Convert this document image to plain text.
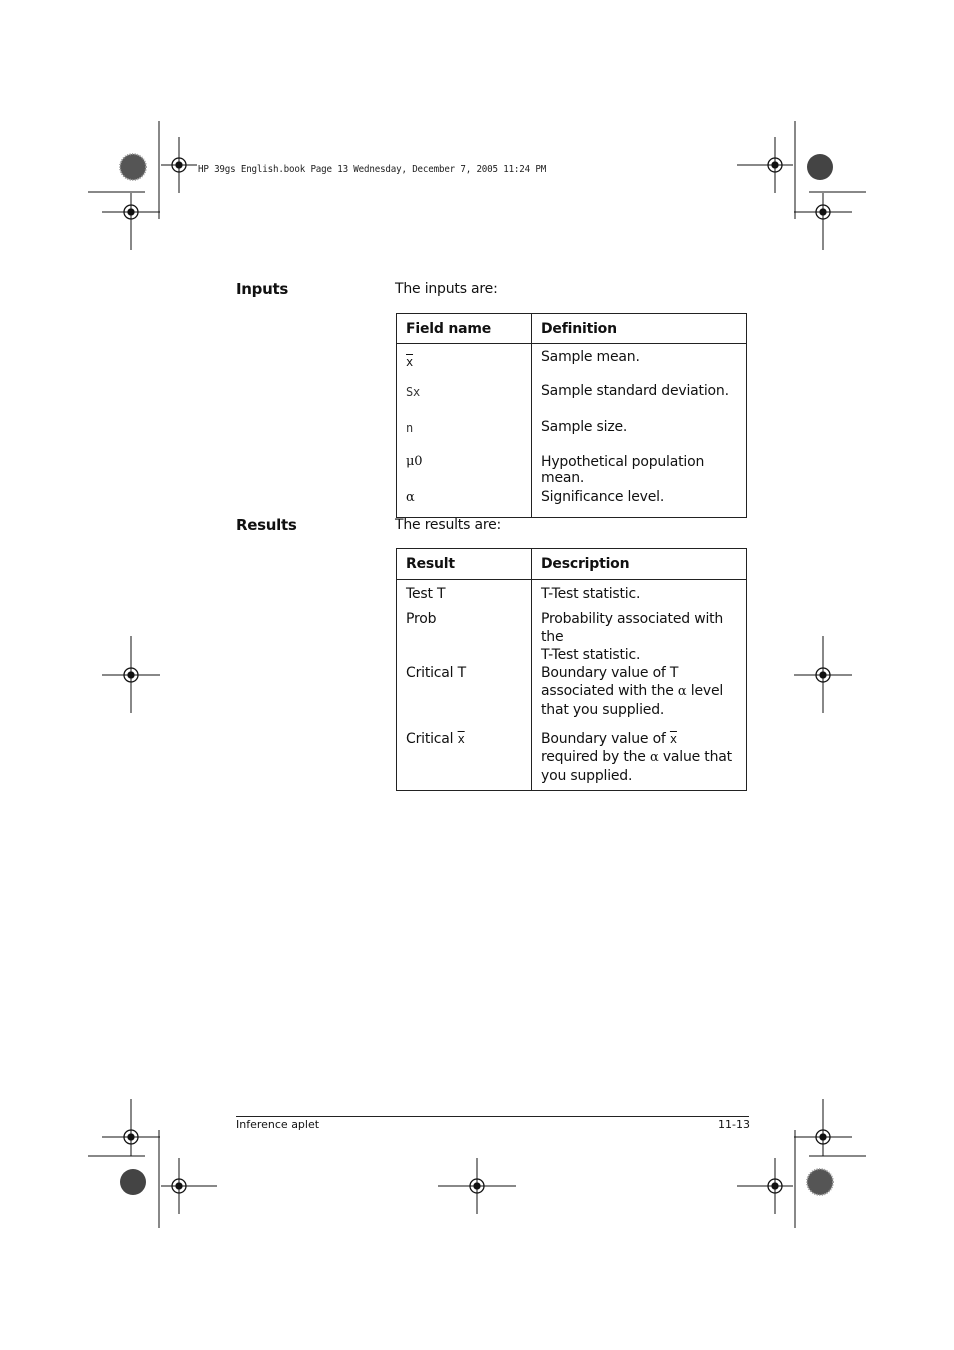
HP 39gs English.book Page 13 Wednesday, December 7, 2005 11:24 PM
Inputs	The inputs are:
Field name	Definition
$\overline{x}$	Sample mean.
Sx	Sample standard deviation.
n	Sample size.
μ0	Hypothetical population mean.
α	Significance level.
Results	The results are:
Result	Description
Test T	T-Test statistic.
Prob	Probability associated with the
T-Test statistic.
Critical T	Boundary value of T associated with the α level that you supplied.
Critical $\overline{x}$	Boundary value of $\overline{x}$ required by the α value that you supplied.
Inference aplet	11-13
